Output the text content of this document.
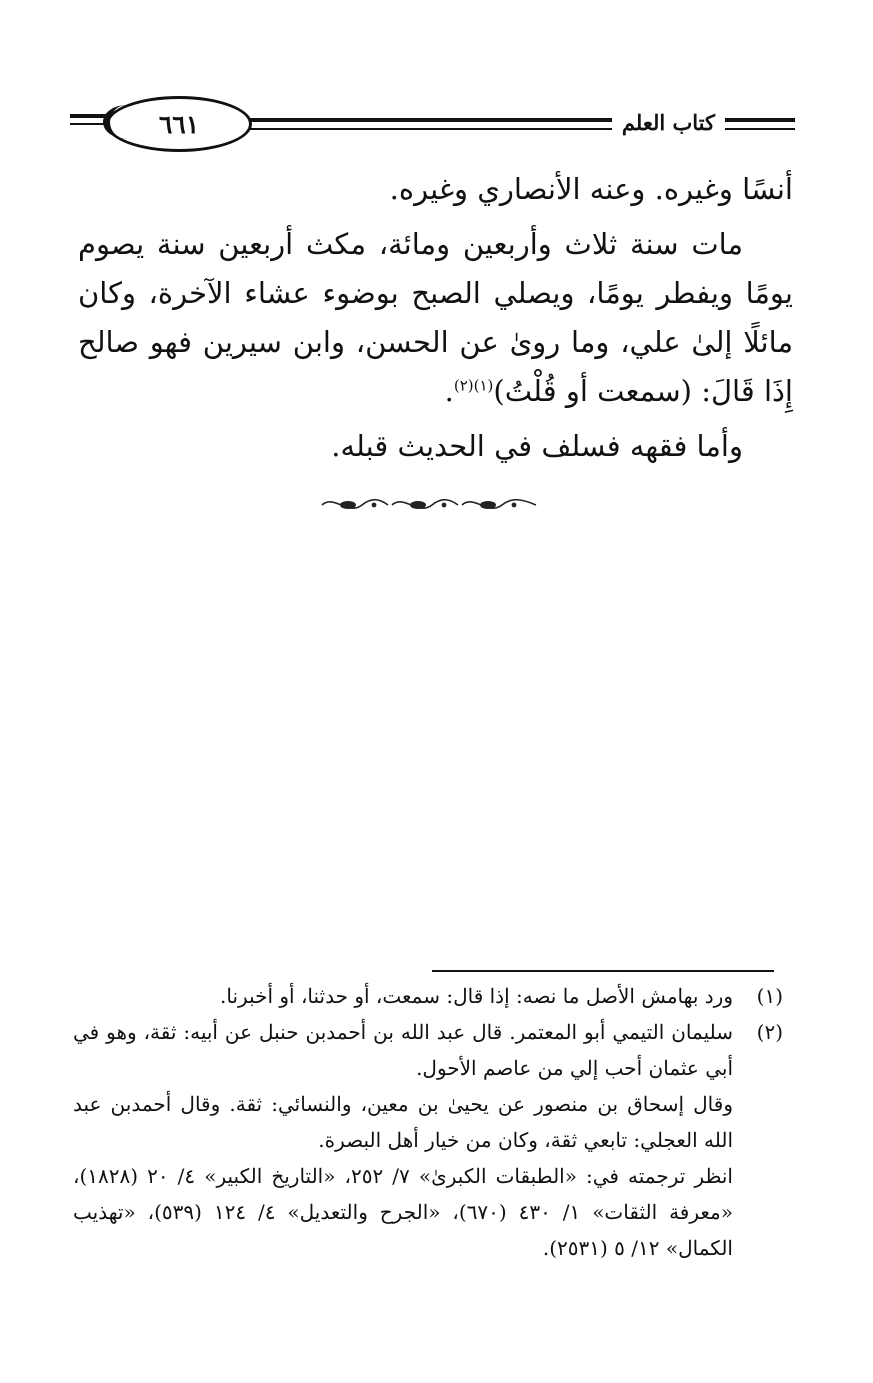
٦٦١	كتاب العلم

أنسًا وغيره. وعنه الأنصاري وغيره.

مات سنة ثلاث وأربعين ومائة، مكث أربعين سنة يصوم يومًا ويفطر يومًا، ويصلي الصبح بوضوء عشاء الآخرة، وكان مائلًا إلىٰ علي، وما روىٰ عن الحسن، وابن سيرين فهو صالح إِذَا قَالَ: (سمعت أو قُلْتُ)$^{(١)(٢)}$.

وأما فقهه فسلف في الحديث قبله.

(١)
ورد بهامش الأصل ما نصه: إذا قال: سمعت، أو حدثنا، أو أخبرنا.
(٢)
سليمان التيمي أبو المعتمر. قال عبد الله بن أحمدبن حنبل عن أبيه: ثقة، وهو في أبي عثمان أحب إلي من عاصم الأحول.
وقال إسحاق بن منصور عن يحيىٰ بن معين، والنسائي: ثقة. وقال أحمدبن عبد الله العجلي: تابعي ثقة، وكان من خيار أهل البصرة.
انظر ترجمته في: «الطبقات الكبرىٰ» ٧/ ٢٥٢، «التاريخ الكبير» ٤/ ٢٠ (١٨٢٨)، «معرفة الثقات» ١/ ٤٣٠ (٦٧٠)، «الجرح والتعديل» ٤/ ١٢٤ (٥٣٩)، «تهذيب الكمال» ١٢/ ٥ (٢٥٣١).
